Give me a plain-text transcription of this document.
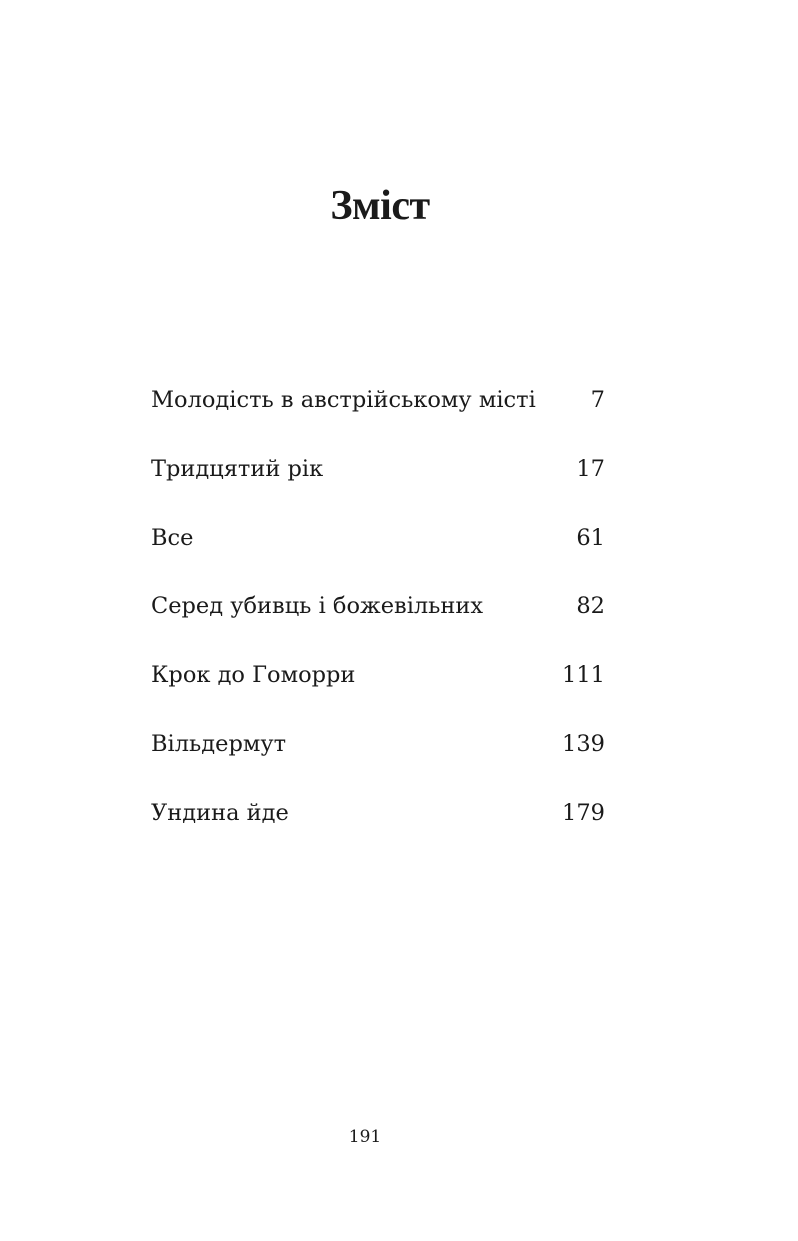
Зміст
Молодість в австрійському місті 7
Тридцятий рік	17
Все	61
Серед убивць і божевільних	82
Крок до Гоморри	111
Вільдермут	139
Ундина йде	179
191
